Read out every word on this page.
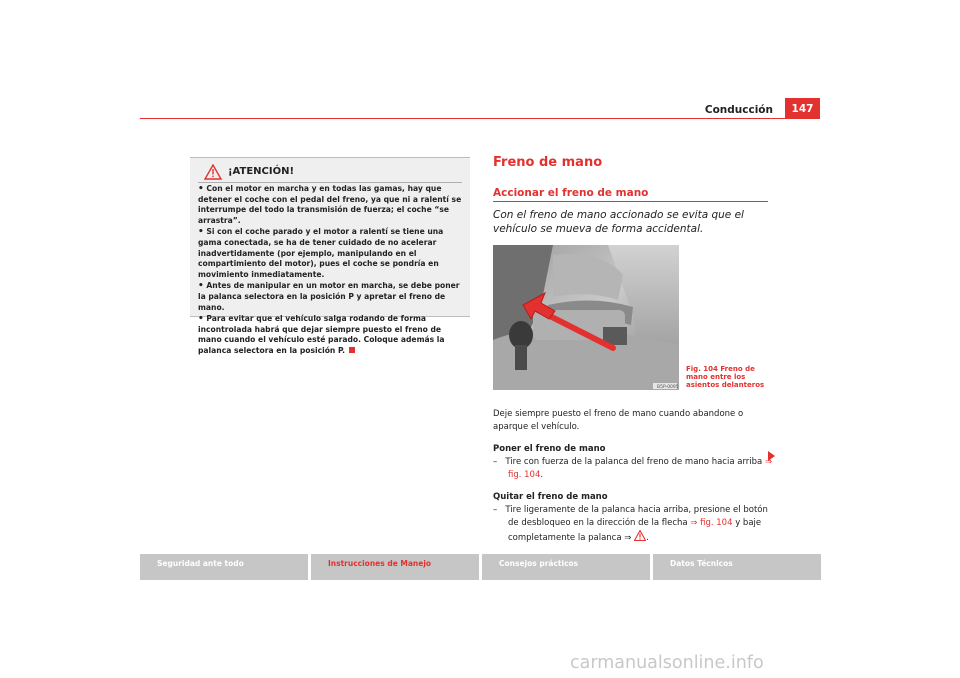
Conducción	147
¡ATENCIÓN!

• Con el motor en marcha y en todas las gamas, hay que detener el coche con el pedal del freno, ya que ni a ralentí se interrumpe del todo la transmisión de fuerza; el coche “se arrastra”.

• Si con el coche parado y el motor a ralentí se tiene una gama conectada, se ha de tener cuidado de no acelerar inadvertidamente (por ejemplo, manipulando en el compartimiento del motor), pues el coche se pondría en movimiento inmediatamente.

• Antes de manipular en un motor en marcha, se debe poner la palanca selectora en la posición P y apretar el freno de mano.

• Para evitar que el vehículo salga rodando de forma incontrolada habrá que dejar siempre puesto el freno de mano cuando el vehículo esté parado. Coloque además la palanca selectora en la posición P.

Freno de mano
Accionar el freno de mano
Con el freno de mano accionado se evita que el vehículo se mueva de forma accidental.
B5P-0095
Fig. 104 Freno de mano entre los asientos delanteros

Deje siempre puesto el freno de mano cuando abandone o aparque el vehículo.

Poner el freno de mano

–   Tire con fuerza de la palanca del freno de mano hacia arriba ⇒ fig. 104.

Quitar el freno de mano

–   Tire ligeramente de la palanca hacia arriba, presione el botón de desbloqueo en la dirección de la flecha ⇒ fig. 104 y baje completamente la palanca ⇒ .

Seguridad ante todo	Instrucciones de Manejo	Consejos prácticos	Datos Técnicos
carmanualsonline.info
